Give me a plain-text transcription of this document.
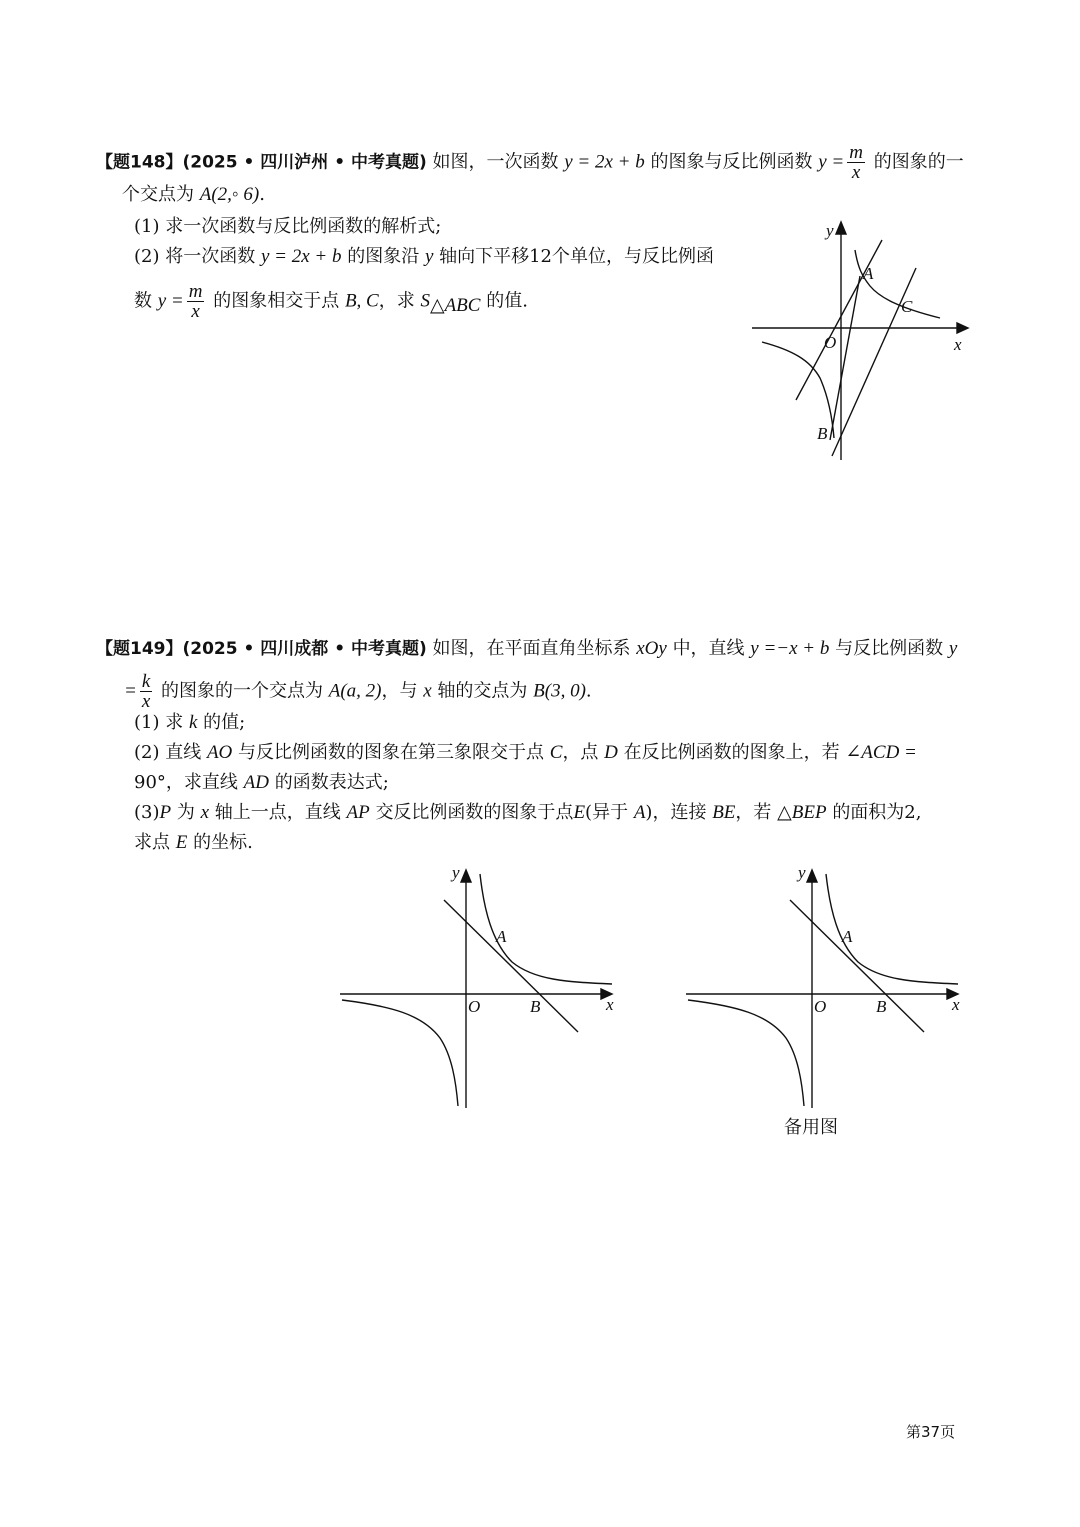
【题148】(2025 • 四川泸州 • 中考真题) 如图，一次函数 y = 2x + b 的图象与反比例函数 $y = \frac{m}{x}$ 的图象的一
个交点为 A(2,◦ 6).
(1) 求一次函数与反比例函数的解析式;
(2) 将一次函数 y = 2x + b 的图象沿 y 轴向下平移12个单位，与反比例函
数 $y = \frac{m}{x}$ 的图象相交于点 B, C，求 $S_{\triangle ABC}$ 的值.
y
x
O
A
B
C
【题149】(2025 • 四川成都 • 中考真题) 如图，在平面直角坐标系 xOy 中，直线 y =−x + b 与反比例函数 y
= $\frac{k}{x}$ 的图象的一个交点为 A(a, 2)，与 x 轴的交点为 B(3, 0).
(1) 求 k 的值;
(2) 直线 AO 与反比例函数的图象在第三象限交于点 C，点 D 在反比例函数的图象上，若 ∠ACD =
90°，求直线 AD 的函数表达式;
(3)P 为 x 轴上一点，直线 AP 交反比例函数的图象于点E(异于 A)，连接 BE，若 △BEP 的面积为2,
求点 E 的坐标.
y
x
O
A
B
y
x
O
A
B
备用图
第37页
